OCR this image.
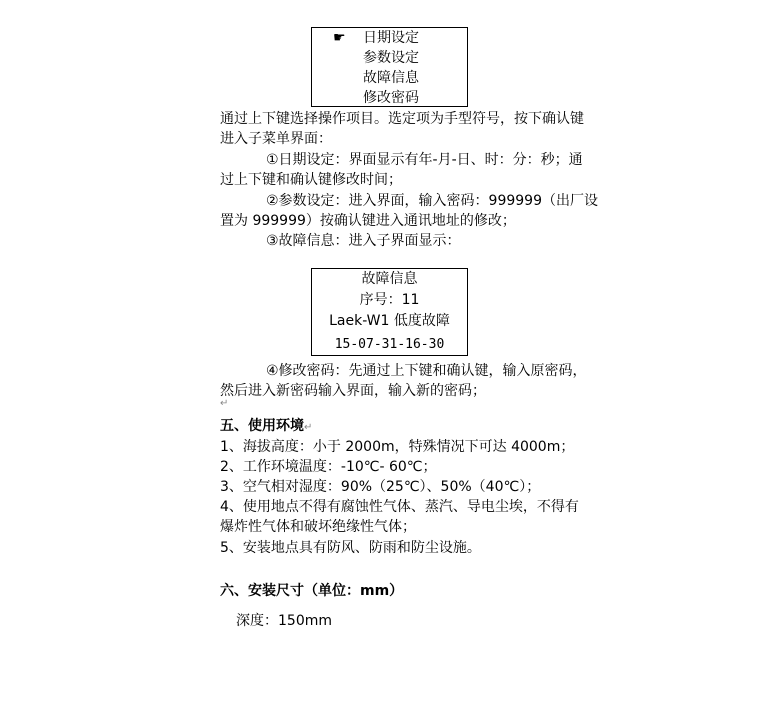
☛ 日期设定
参数设定
故障信息
修改密码
通过上下键选择操作项目。选定项为手型符号，按下确认键
进入子菜单界面：
①日期设定：界面显示有年-月-日、时：分：秒；通
过上下键和确认键修改时间；
②参数设定：进入界面，输入密码：999999（出厂设
置为 999999）按确认键进入通讯地址的修改；
③故障信息：进入子界面显示：
故障信息
序号：11
Laek-W1 低度故障
15-07-31-16-30
④修改密码：先通过上下键和确认键，输入原密码，
然后进入新密码输入界面，输入新的密码；
↵
五、使用环境↵
1、海拔高度：小于 2000m，特殊情况下可达 4000m；
2、工作环境温度：-10℃- 60℃；
3、空气相对湿度：90%（25℃）、50%（40℃）；
4、使用地点不得有腐蚀性气体、蒸汽、导电尘埃，不得有
爆炸性气体和破坏绝缘性气体；
5、安装地点具有防风、防雨和防尘设施。
六、安装尺寸（单位：mm）
深度：150mm
